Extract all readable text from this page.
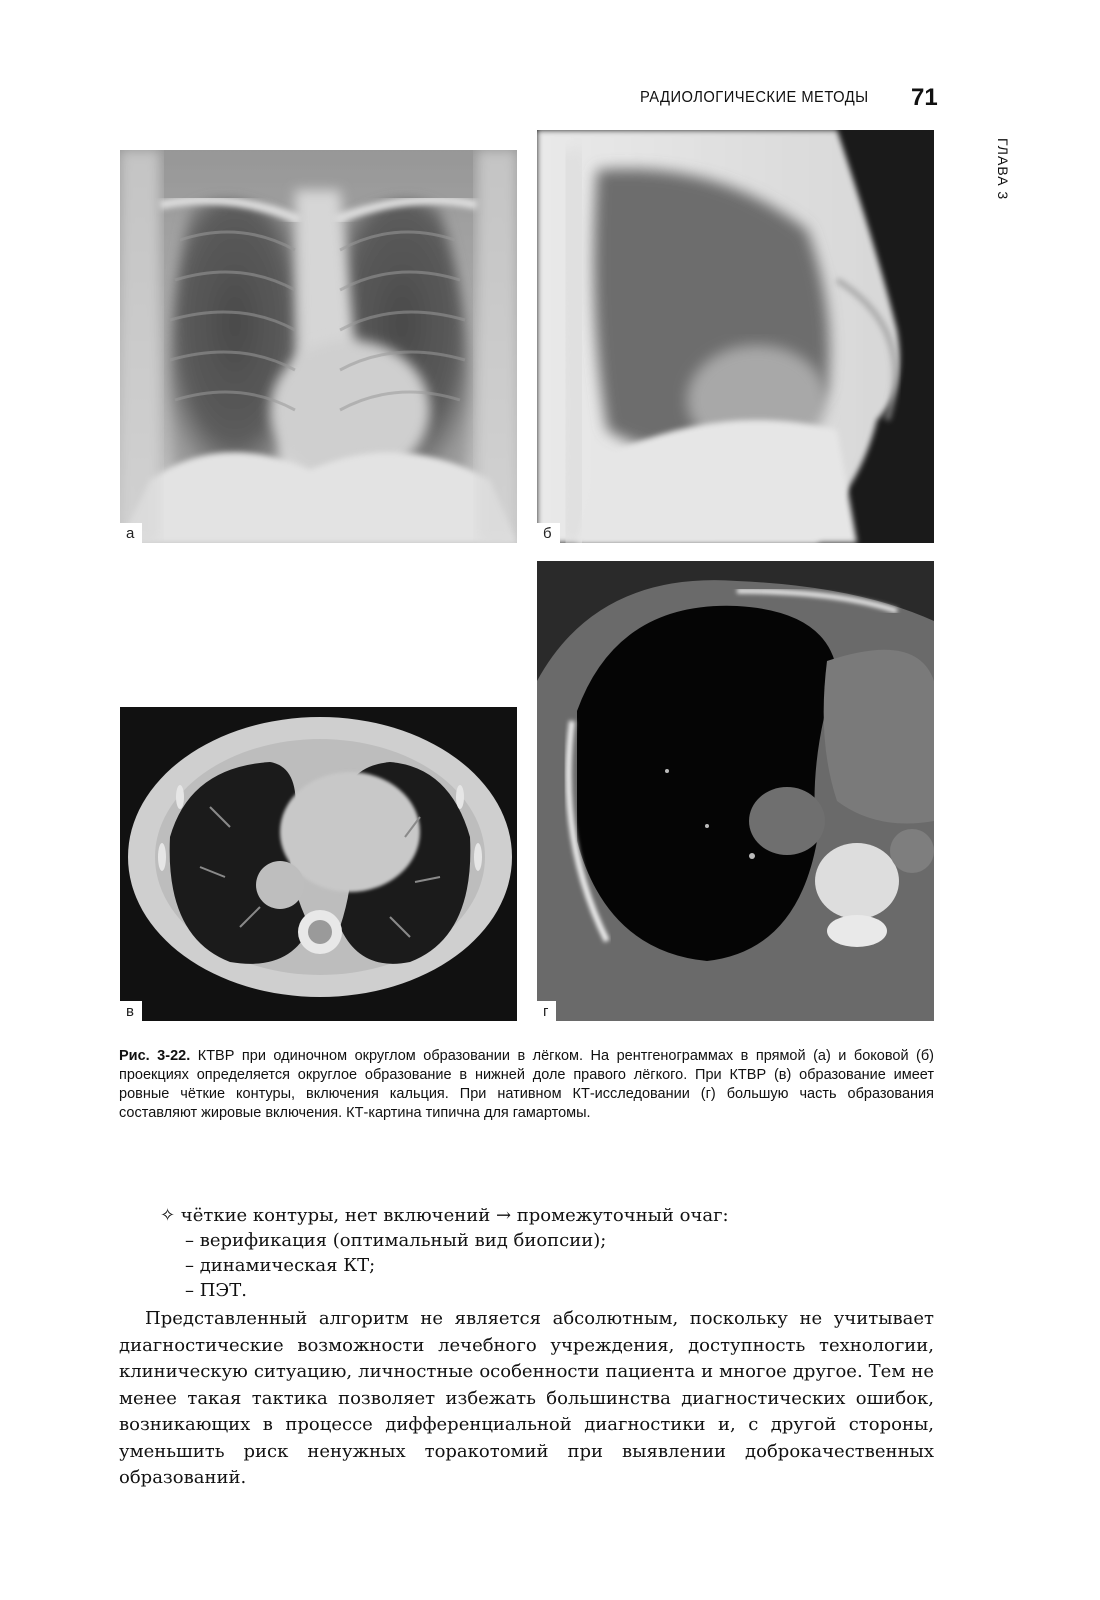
РАДИОЛОГИЧЕСКИЕ МЕТОДЫ 71
ГЛАВА 3
а	б
в	г
Рис. 3-22. КТВР при одиночном округлом образовании в лёгком. На рентгенограммах в прямой (а) и боковой (б) проекциях определяется округлое образование в нижней доле правого лёгкого. При КТВР (в) образование имеет ровные чёткие контуры, включения кальция. При нативном КТ-исследовании (г) большую часть образования составляют жировые включения. КТ-картина типична для гамартомы.
✧ чёткие контуры, нет включений → промежуточный очаг:
– верификация (оптимальный вид биопсии);
– динамическая КТ;
– ПЭТ.
Представленный алгоритм не является абсолютным, поскольку не учитывает диагностические возможности лечебного учреждения, доступность технологии, клиническую ситуацию, личностные особенности пациента и многое другое. Тем не менее такая тактика позволяет избежать большинства диагностических ошибок, возникающих в процессе дифференциальной диагностики и, с другой стороны, уменьшить риск ненужных торакотомий при выявлении доброкачественных образований.
